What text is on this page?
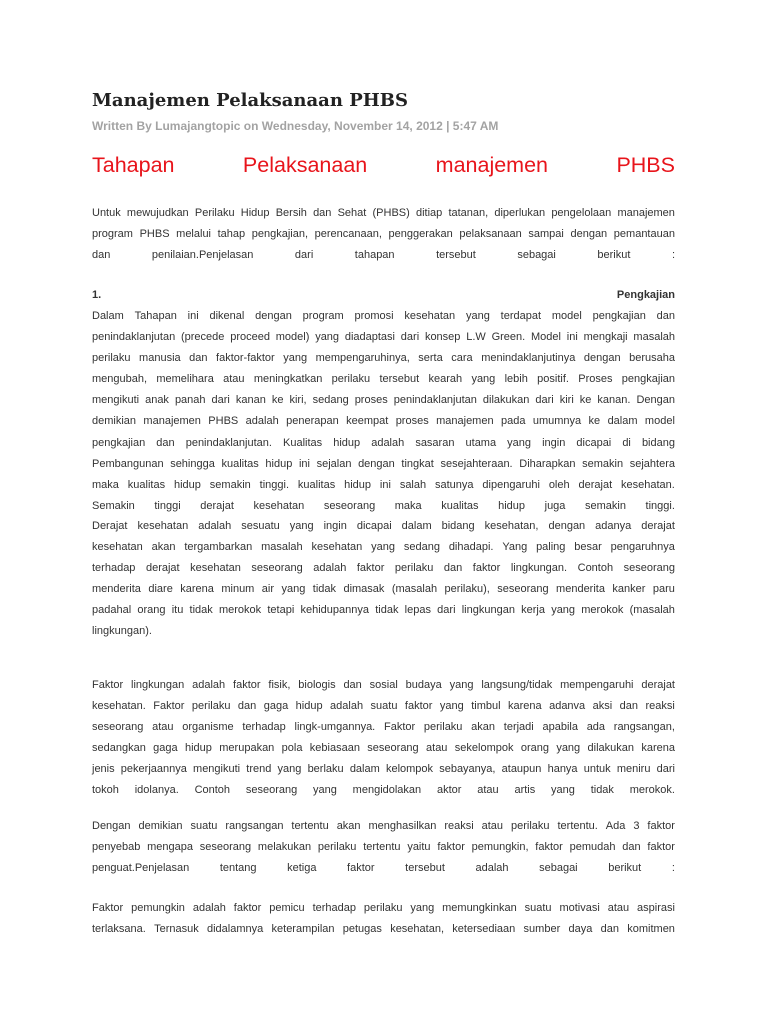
Manajemen Pelaksanaan PHBS
Written By Lumajangtopic on Wednesday, November 14, 2012 | 5:47 AM
Tahapan	Pelaksanaan	manajemen	PHBS
Untuk mewujudkan Perilaku Hidup Bersih dan Sehat (PHBS) ditiap tatanan, diperlukan pengelolaan manajemen
program PHBS melalui tahap pengkajian, perencanaan, penggerakan pelaksanaan sampai dengan pemantauan
dan	penilaian.Penjelasan	dari	tahapan	tersebut	sebagai	berikut	:
1.	Pengkajian
Dalam Tahapan ini dikenal dengan program promosi kesehatan yang terdapat model pengkajian dan
penindaklanjutan (precede proceed model) yang diadaptasi dari konsep L.W Green. Model ini mengkaji masalah
perilaku manusia dan faktor-faktor yang mempengaruhinya, serta cara menindaklanjutinya dengan berusaha
mengubah, memelihara atau meningkatkan perilaku tersebut kearah yang lebih positif. Proses pengkajian
mengikuti anak panah dari kanan ke kiri, sedang proses penindaklanjutan dilakukan dari kiri ke kanan. Dengan
demikian manajemen PHBS adalah penerapan keempat proses manajemen pada umumnya ke dalam model
pengkajian dan penindaklanjutan. Kualitas hidup adalah sasaran utama yang ingin dicapai di bidang
Pembangunan sehingga kualitas hidup ini sejalan dengan tingkat sesejahteraan. Diharapkan semakin sejahtera
maka kualitas hidup semakin tinggi. kualitas hidup ini salah satunya dipengaruhi oleh derajat kesehatan.
Semakin tinggi derajat kesehatan seseorang maka kualitas hidup juga semakin tinggi.
Derajat kesehatan adalah sesuatu yang ingin dicapai dalam bidang kesehatan, dengan adanya derajat
kesehatan akan tergambarkan masalah kesehatan yang sedang dihadapi. Yang paling besar pengaruhnya
terhadap derajat kesehatan seseorang adalah faktor perilaku dan faktor lingkungan. Contoh seseorang
menderita diare karena minum air yang tidak dimasak (masalah perilaku), seseorang menderita kanker paru
padahal orang itu tidak merokok tetapi kehidupannya tidak lepas dari lingkungan kerja yang merokok (masalah
lingkungan).
Faktor lingkungan adalah faktor fisik, biologis dan sosial budaya yang langsung/tidak mempengaruhi derajat
kesehatan. Faktor perilaku dan gaga hidup adalah suatu faktor yang timbul karena adanva aksi dan reaksi
seseorang atau organisme terhadap lingk-umgannya. Faktor perilaku akan terjadi apabila ada rangsangan,
sedangkan gaga hidup merupakan pola kebiasaan seseorang atau sekelompok orang yang dilakukan karena
jenis pekerjaannya mengikuti trend yang berlaku dalam kelompok sebayanya, ataupun hanya untuk meniru dari
tokoh idolanya. Contoh seseorang yang mengidolakan aktor atau artis yang tidak merokok.
Dengan demikian suatu rangsangan tertentu akan menghasilkan reaksi atau perilaku tertentu. Ada 3 faktor
penyebab mengapa seseorang melakukan perilaku tertentu yaitu faktor pemungkin, faktor pemudah dan faktor
penguat.Penjelasan	tentang	ketiga	faktor	tersebut	adalah	sebagai	berikut	:
Faktor pemungkin adalah faktor pemicu terhadap perilaku yang memungkinkan suatu motivasi atau aspirasi
terlaksana. Ternasuk didalamnya keterampilan petugas kesehatan, ketersediaan sumber daya dan komitmen
